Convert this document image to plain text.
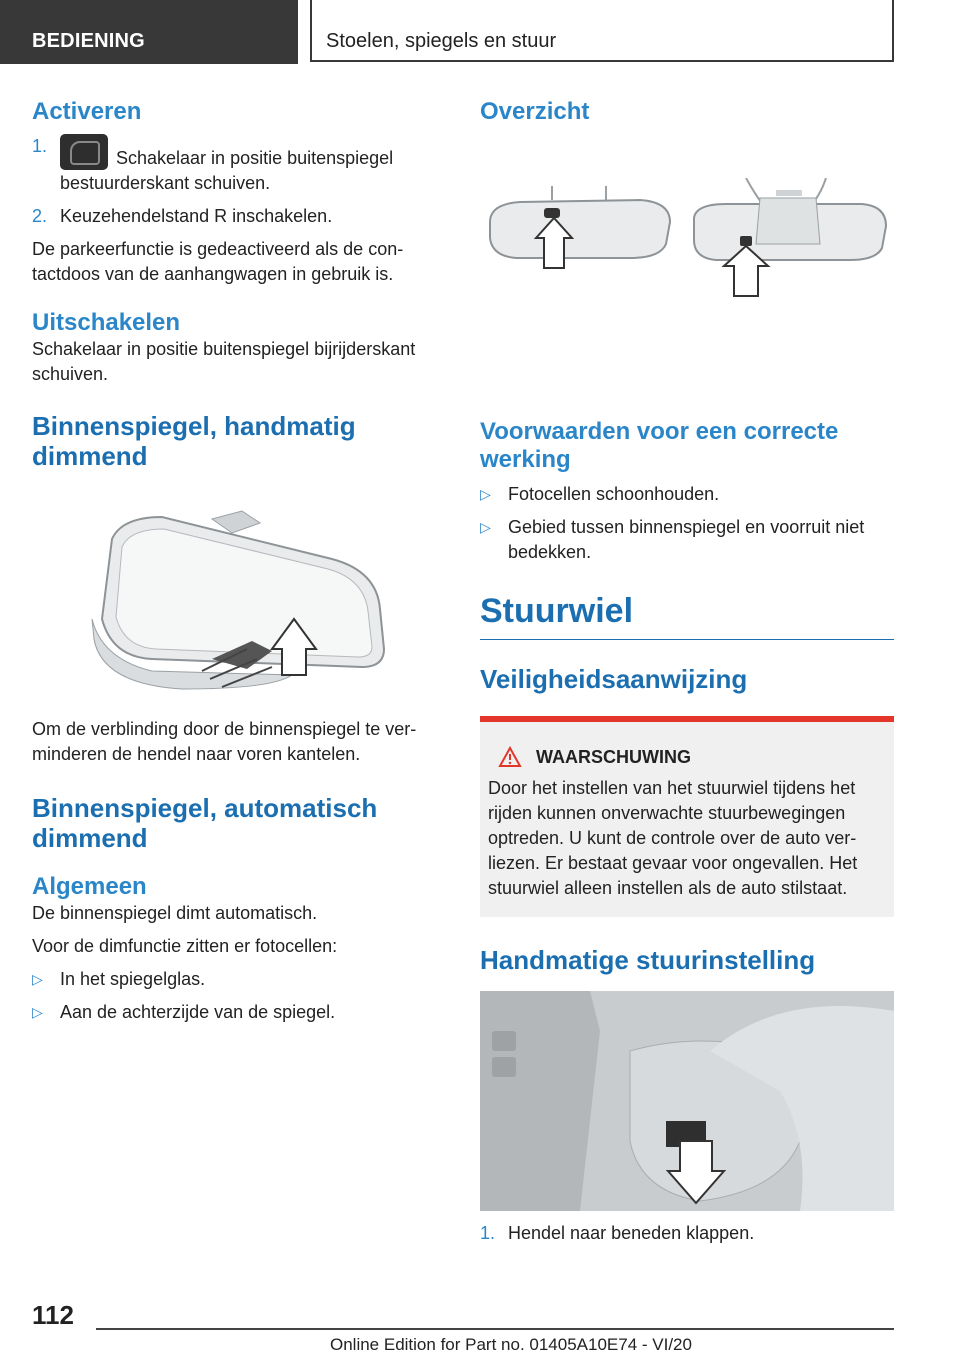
BEDIENING	Stoelen, spiegels en stuur
Activeren
1.
Schakelaar in positie buitenspiegel bestuurderskant schuiven.
2. Keuzehendelstand R inschakelen.

De parkeerfunctie is gedeactiveerd als de contactdoos van de aanhangwagen in gebruik is.

Uitschakelen

Schakelaar in positie buitenspiegel bijrijderskant schuiven.

Binnenspiegel, handmatig dimmend

Om de verblinding door de binnenspiegel te verminderen de hendel naar voren kantelen.

Binnenspiegel, automatisch dimmend
Algemeen

De binnenspiegel dimt automatisch.

Voor de dimfunctie zitten er fotocellen:

▷ In het spiegelglas.
▷ Aan de achterzijde van de spiegel.
Overzicht
Voorwaarden voor een correcte werking
▷ Fotocellen schoonhouden.
▷ Gebied tussen binnenspiegel en voorruit niet bedekken.
Stuurwiel
Veiligheidsaanwijzing
WAARSCHUWING

Door het instellen van het stuurwiel tijdens het rijden kunnen onverwachte stuurbewegingen optreden. U kunt de controle over de auto verliezen. Er bestaat gevaar voor ongevallen. Het stuurwiel alleen instellen als de auto stilstaat.

Handmatige stuurinstelling
1. Hendel naar beneden klappen.
112
Online Edition for Part no. 01405A10E74 - VI/20
